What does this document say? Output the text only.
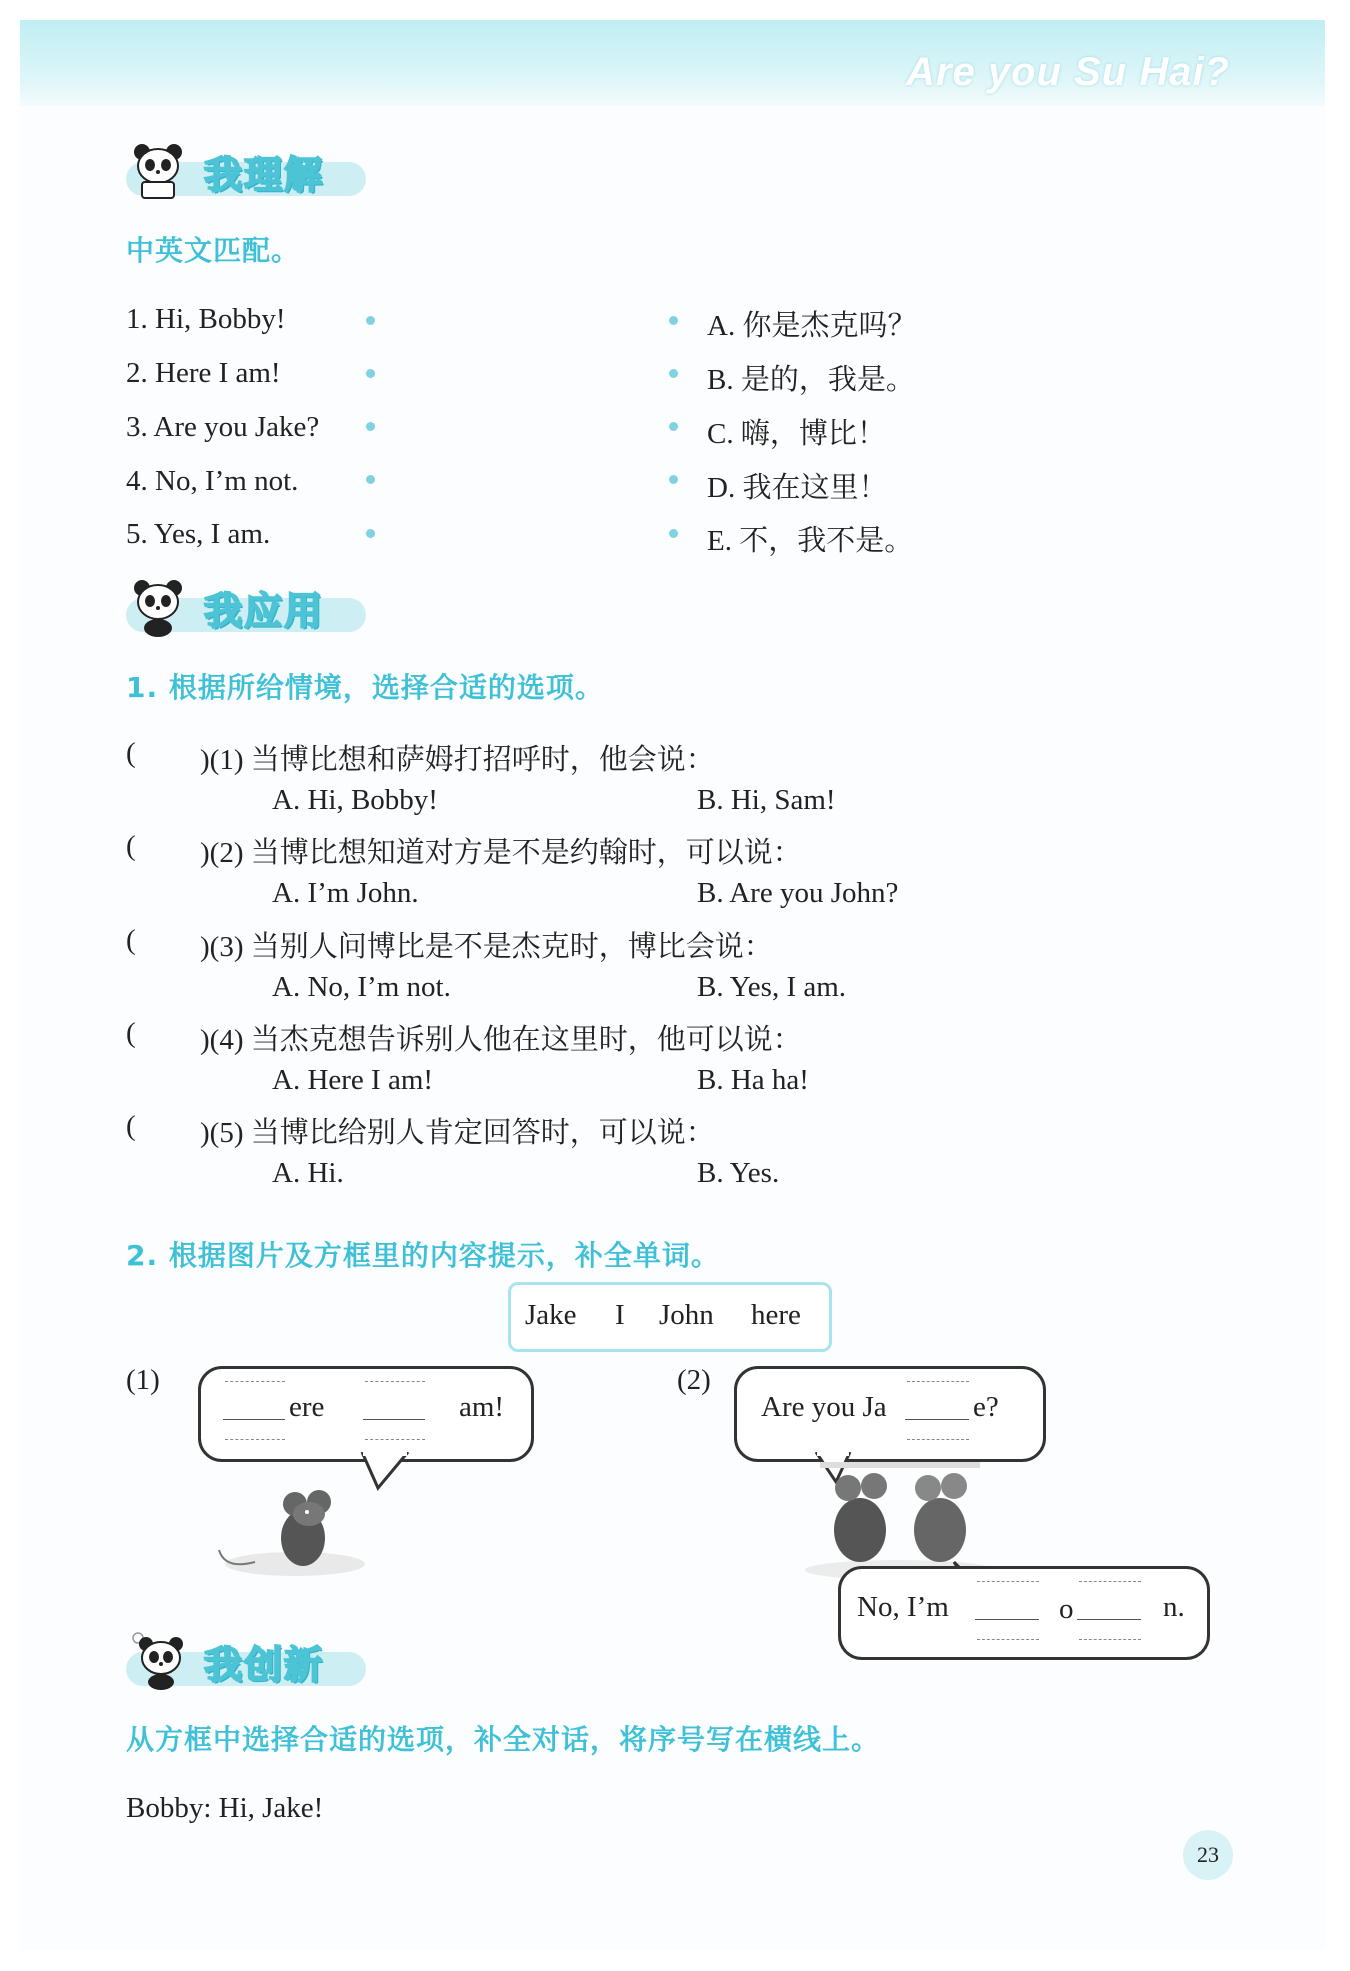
Are you Su Hai?
我理解
中英文匹配。
1. Hi, Bobby!
2. Here I am!
3. Are you Jake?
4. No, I’m not.
5. Yes, I am.
A. 你是杰克吗？
B. 是的，我是。
C. 嗨，博比！
D. 我在这里！
E. 不，我不是。
我应用
1. 根据所给情境，选择合适的选项。
( )(1) 当博比想和萨姆打招呼时，他会说：
A. Hi, Bobby!	B. Hi, Sam!
( )(2) 当博比想知道对方是不是约翰时，可以说：
A. I’m John.	B. Are you John?
( )(3) 当别人问博比是不是杰克时，博比会说：
A. No, I’m not.	B. Yes, I am.
( )(4) 当杰克想告诉别人他在这里时，他可以说：
A. Here I am!	B. Ha ha!
( )(5) 当博比给别人肯定回答时，可以说：
A. Hi.	B. Yes.
2. 根据图片及方框里的内容提示，补全单词。
Jake I John here
(1)
ere	am!
(2)
Are you Ja	e?
No, I’m	o	n.
我创新
从方框中选择合适的选项，补全对话，将序号写在横线上。
Bobby: Hi, Jake!
23
